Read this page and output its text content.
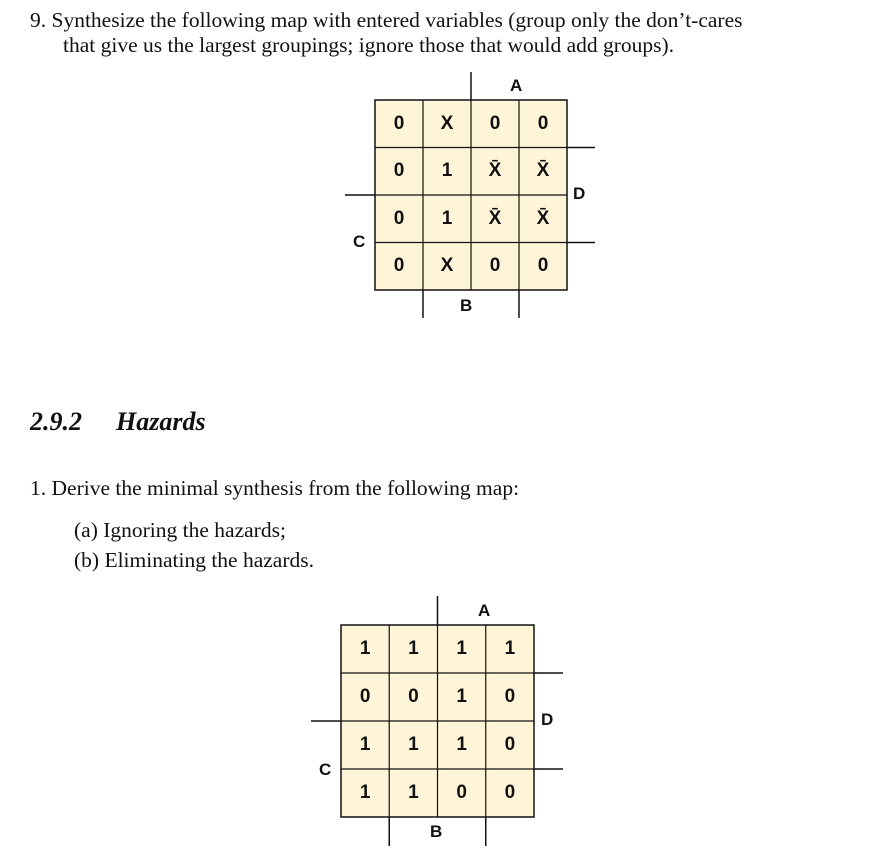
9. Synthesize the following map with entered variables (group only the don’t-cares
that give us the largest groupings; ignore those that would add groups).
A
B
C
D
0	X	0	0
0	1	X̄	X̄
0	1	X̄	X̄
0	X	0	0
2.9.2 Hazards
1. Derive the minimal synthesis from the following map:
(a) Ignoring the hazards;
(b) Eliminating the hazards.
A
B
C
D
1	1	1	1
0	0	1	0
1	1	1	0
1	1	0	0
